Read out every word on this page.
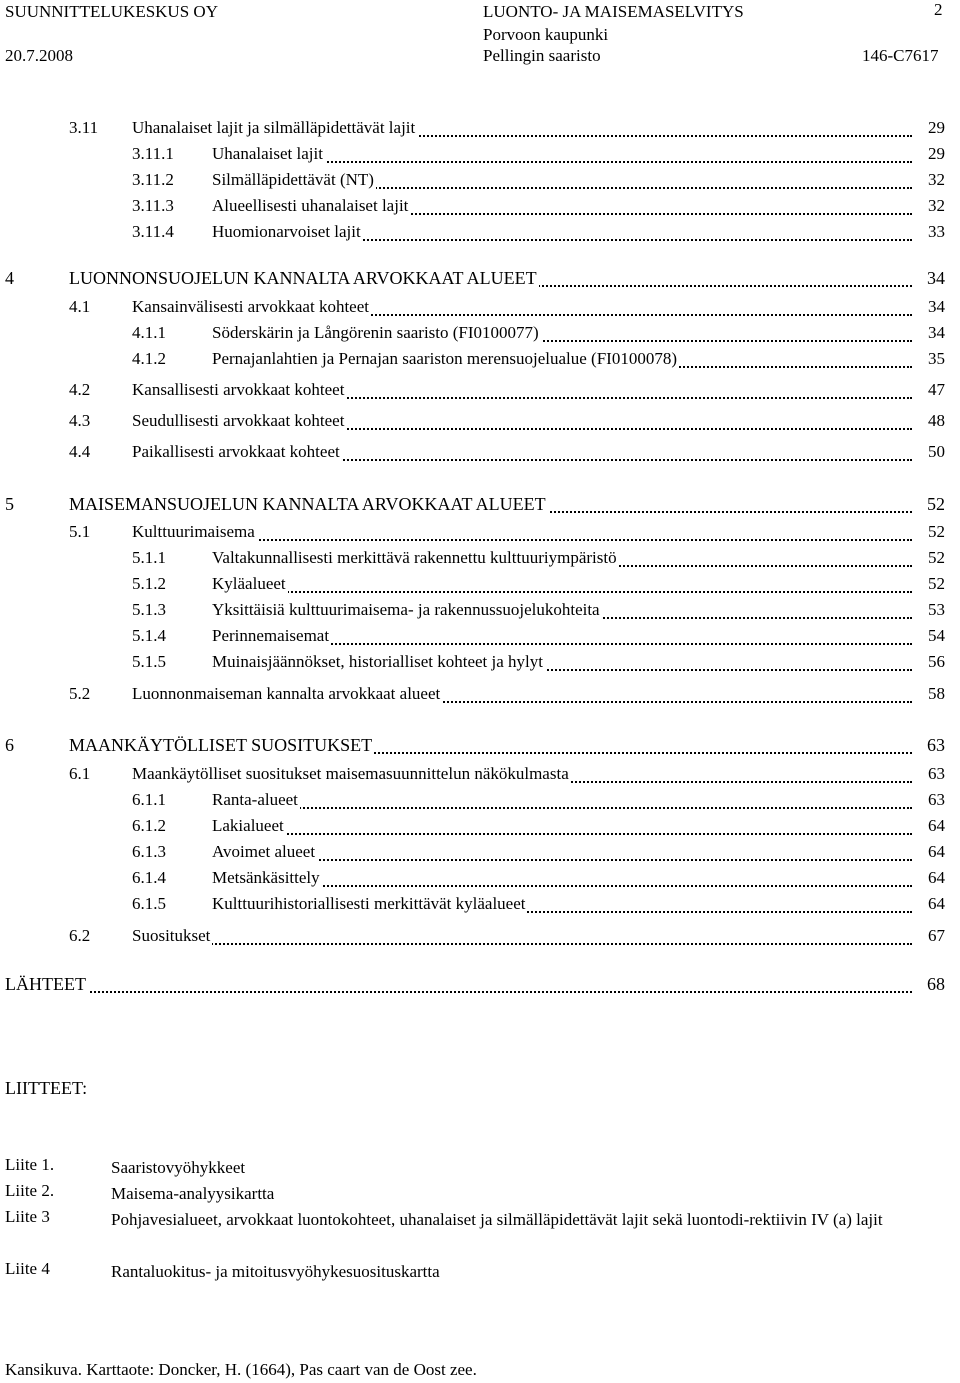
SUUNNITTELUKESKUS OY
20.7.2008
LUONTO- JA MAISEMASELVITYS
Porvoon kaupunki
Pellingin saaristo
2
146-C7617
3.11 Uhanalaiset lajit ja silmälläpidettävät lajit	29
3.11.1 Uhanalaiset lajit	29
3.11.2 Silmälläpidettävät (NT)	32
3.11.3 Alueellisesti uhanalaiset lajit	32
3.11.4 Huomionarvoiset lajit	33
4	LUONNONSUOJELUN KANNALTA ARVOKKAAT ALUEET	34
4.1 Kansainvälisesti arvokkaat kohteet	34
4.1.1	Söderskärin ja Långörenin saaristo (FI0100077)	34
4.1.2	Pernajanlahtien ja Pernajan saariston merensuojelualue (FI0100078)	35
4.2 Kansallisesti arvokkaat kohteet	47
4.3 Seudullisesti arvokkaat kohteet	48
4.4 Paikallisesti arvokkaat kohteet	50
5	MAISEMANSUOJELUN KANNALTA ARVOKKAAT ALUEET	52
5.1 Kulttuurimaisema	52
5.1.1	Valtakunnallisesti merkittävä rakennettu kulttuuriympäristö	52
5.1.2	Kyläalueet	52
5.1.3	Yksittäisiä kulttuurimaisema- ja rakennussuojelukohteita	53
5.1.4	Perinnemaisemat	54
5.1.5	Muinaisjäännökset, historialliset kohteet ja hylyt	56
5.2 Luonnonmaiseman kannalta arvokkaat alueet	58
6	MAANKÄYTÖLLISET SUOSITUKSET	63
6.1 Maankäytölliset suositukset maisemasuunnittelun näkökulmasta	63
6.1.1	Ranta-alueet	63
6.1.2	Lakialueet	64
6.1.3	Avoimet alueet	64
6.1.4	Metsänkäsittely	64
6.1.5	Kulttuurihistoriallisesti merkittävät kyläalueet	64
6.2 Suositukset	67
LÄHTEET	68
LIITTEET:
Liite 1.	Saaristovyöhykkeet
Liite 2.	Maisema-analyysikartta
Liite 3	Pohjavesialueet, arvokkaat luontokohteet, uhanalaiset ja silmälläpidettävät lajit sekä luontodi-rektiivin IV (a) lajit
Liite 4	Rantaluokitus- ja mitoitusvyöhykesuosituskartta
Kansikuva. Karttaote: Doncker, H. (1664), Pas caart van de Oost zee.
